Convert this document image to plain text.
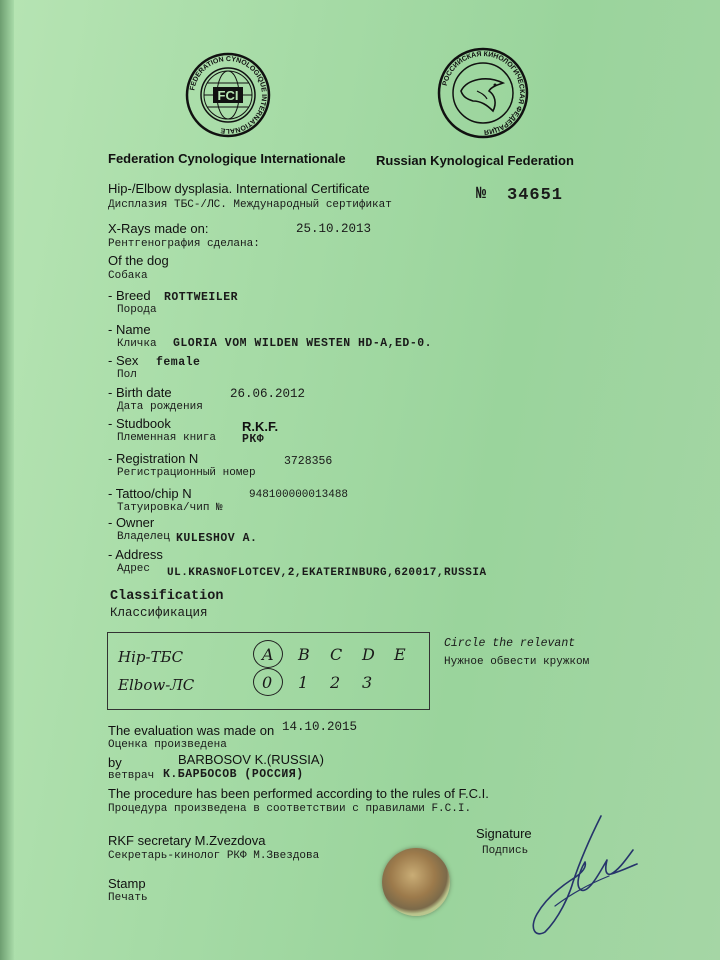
FEDERATION CYNOLOGIQUE INTERNATIONALE
FCI
РОССИЙСКАЯ КИНОЛОГИЧЕСКАЯ ФЕДЕРАЦИЯ
Federation Cynologique Internationale Russian Kynological Federation
Hip-/Elbow dysplasia. International Certificate
Дисплазия ТБС-/ЛС. Международный сертификат
№ 34651
X-Rays made on:
Рентгенография сделана:
25.10.2013
Of the dog
Собака
- Breed
Порода
ROTTWEILER
- Name
Кличка GLORIA VOM WILDEN WESTEN HD-A,ED-0.
- Sex
Пол
female
- Birth date
Дата рождения
26.06.2012
- Studbook
Племенная книга
R.K.F.
РКФ
- Registration N
Регистрационный номер
3728356
- Tattoo/chip N
Татуировка/чип №
948100000013488
- Owner
Владелец KULESHOV A.
- Address
Адрес UL.KRASNOFLOTCEV,2,EKATERINBURG,620017,RUSSIA
Classification
Классификация
Hip-ТБС
Elbow-ЛС
A B C D E
0 1 2 3
Circle the relevant
Нужное обвести кружком
The evaluation was made on 14.10.2015
Оценка произведена
by	BARBOSOV K.(RUSSIA)
ветврач К.БАРБОСОВ (РОССИЯ)
The procedure has been performed according to the rules of F.C.I.
Процедура произведена в соответствии с правилами F.C.I.
RKF secretary M.Zvezdova
Секретарь-кинолог РКФ М.Звездова
Signature
Подпись
Stamp
Печать
